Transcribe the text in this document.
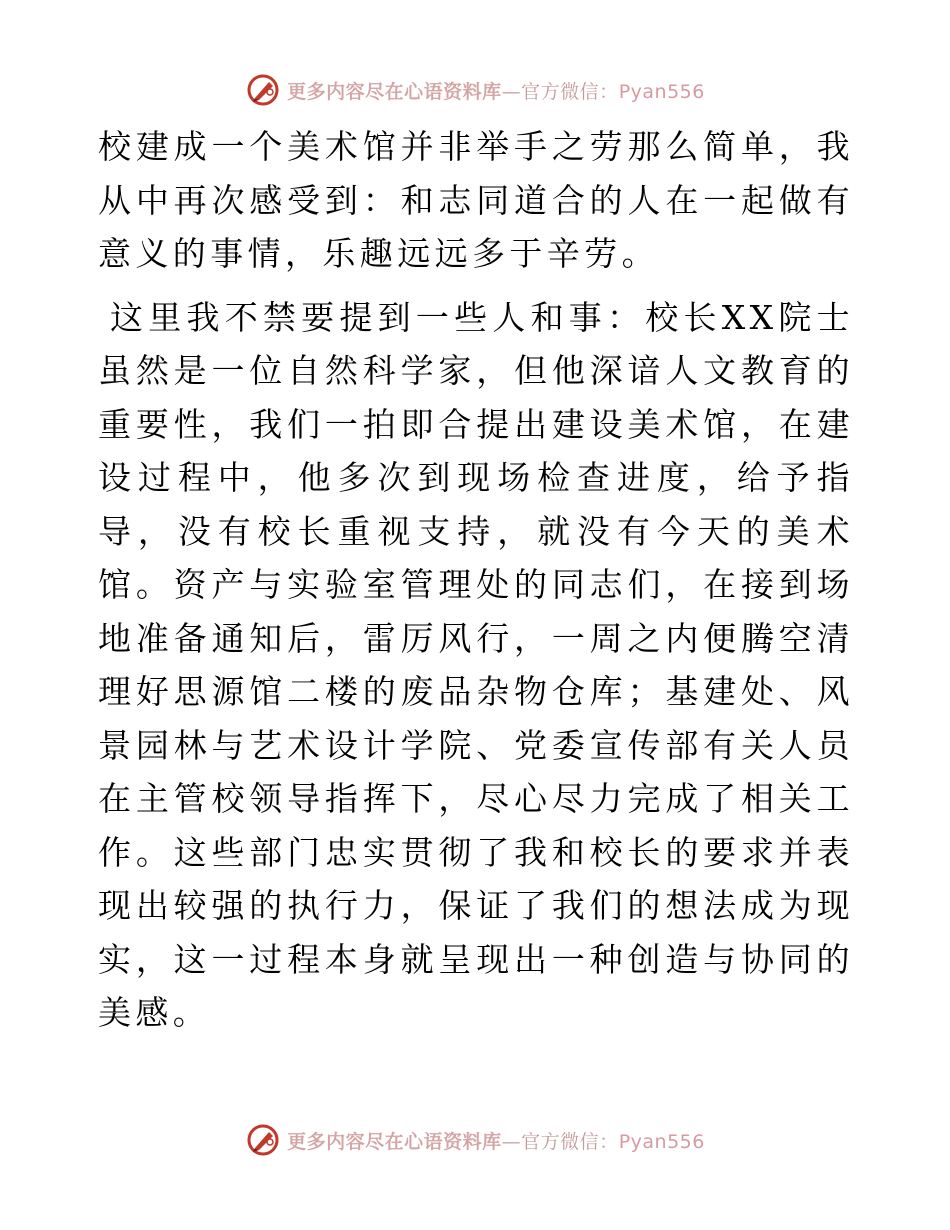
更多内容尽在心语资料库—官方微信：Pyan556

校建成一个美术馆并非举手之劳那么简单，我从中再次感受到：和志同道合的人在一起做有意义的事情，乐趣远远多于辛劳。

这里我不禁要提到一些人和事：校长XX院士虽然是一位自然科学家，但他深谙人文教育的重要性，我们一拍即合提出建设美术馆，在建设过程中，他多次到现场检查进度，给予指导，没有校长重视支持，就没有今天的美术馆。资产与实验室管理处的同志们，在接到场地准备通知后，雷厉风行，一周之内便腾空清理好思源馆二楼的废品杂物仓库；基建处、风景园林与艺术设计学院、党委宣传部有关人员在主管校领导指挥下，尽心尽力完成了相关工作。这些部门忠实贯彻了我和校长的要求并表现出较强的执行力，保证了我们的想法成为现实，这一过程本身就呈现出一种创造与协同的美感。

更多内容尽在心语资料库—官方微信：Pyan556
